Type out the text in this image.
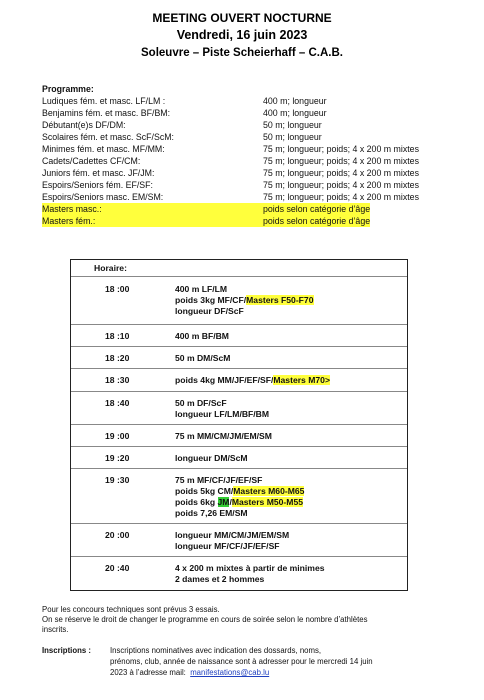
MEETING OUVERT NOCTURNE
Vendredi, 16 juin 2023
Soleuvre – Piste Scheierhaff – C.A.B.
Programme:
Ludiques fém. et masc. LF/LM :	400 m; longueur
Benjamins fém. et masc. BF/BM:	400 m; longueur
Débutant(e)s DF/DM:	50 m; longueur
Scolaires fém. et masc. ScF/ScM:	50 m; longueur
Minimes fém. et masc. MF/MM:	75 m; longueur; poids; 4 x 200 m mixtes
Cadets/Cadettes CF/CM:	75 m; longueur; poids; 4 x 200 m mixtes
Juniors fém. et masc. JF/JM:	75 m; longueur; poids; 4 x 200 m mixtes
Espoirs/Seniors fém. EF/SF:	75 m; longueur; poids; 4 x 200 m mixtes
Espoirs/Seniors masc. EM/SM:	75 m; longueur; poids; 4 x 200 m mixtes
Masters masc.:	poids selon catégorie d’âge
Masters fém.:	poids selon catégorie d’âge
Horaire:
18 :00	400 m LF/LM
poids 3kg MF/CF/Masters F50-F70
longueur DF/ScF
18 :10	400 m BF/BM
18 :20	50 m DM/ScM
18 :30	poids 4kg MM/JF/EF/SF/Masters M70>
18 :40	50 m DF/ScF
longueur LF/LM/BF/BM
19 :00	75 m MM/CM/JM/EM/SM
19 :20	longueur DM/ScM
19 :30	75 m MF/CF/JF/EF/SF
poids 5kg CM/Masters M60-M65
poids 6kg JM/Masters M50-M55
poids 7,26 EM/SM
20 :00	longueur MM/CM/JM/EM/SM
longueur MF/CF/JF/EF/SF
20 :40	4 x 200 m mixtes à partir de minimes
2 dames et 2 hommes
Pour les concours techniques sont prévus 3 essais.
On se réserve le droit de changer le programme en cours de soirée selon le nombre d’athlètes
inscrits.
Inscriptions : Inscriptions nominatives avec indication des dossards, noms,
prénoms, club, année de naissance sont à adresser pour le mercredi 14 juin
2023 à l’adresse mail:  manifestations@cab.lu
